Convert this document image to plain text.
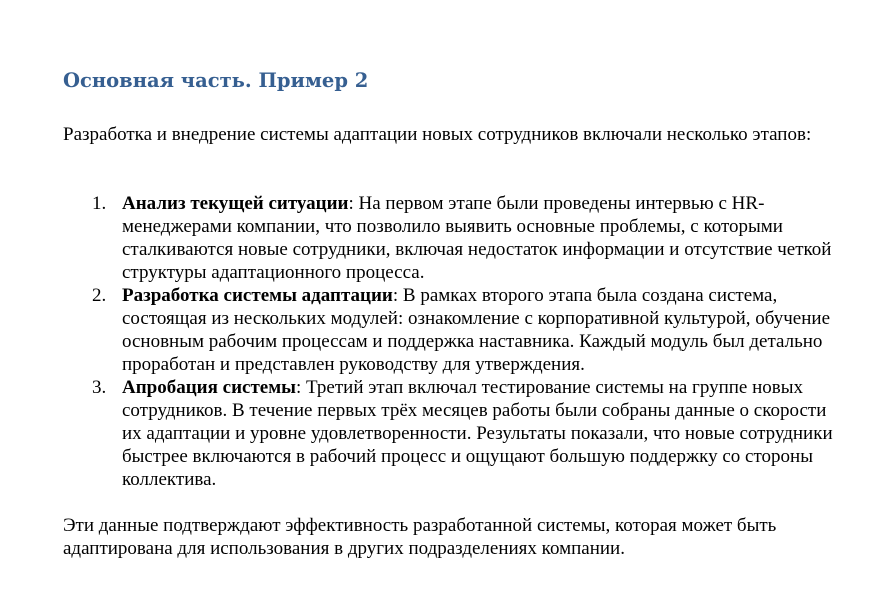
Основная часть. Пример 2

Разработка и внедрение системы адаптации новых сотрудников включали несколько этапов:

1. Анализ текущей ситуации: На первом этапе были проведены интервью с HR-менеджерами компании, что позволило выявить основные проблемы, с которыми сталкиваются новые сотрудники, включая недостаток информации и отсутствие четкой структуры адаптационного процесса.
2. Разработка системы адаптации: В рамках второго этапа была создана система, состоящая из нескольких модулей: ознакомление с корпоративной культурой, обучение основным рабочим процессам и поддержка наставника. Каждый модуль был детально проработан и представлен руководству для утверждения.
3. Апробация системы: Третий этап включал тестирование системы на группе новых сотрудников. В течение первых трёх месяцев работы были собраны данные о скорости их адаптации и уровне удовлетворенности. Результаты показали, что новые сотрудники быстрее включаются в рабочий процесс и ощущают большую поддержку со стороны коллектива.

Эти данные подтверждают эффективность разработанной системы, которая может быть адаптирована для использования в других подразделениях компании.
